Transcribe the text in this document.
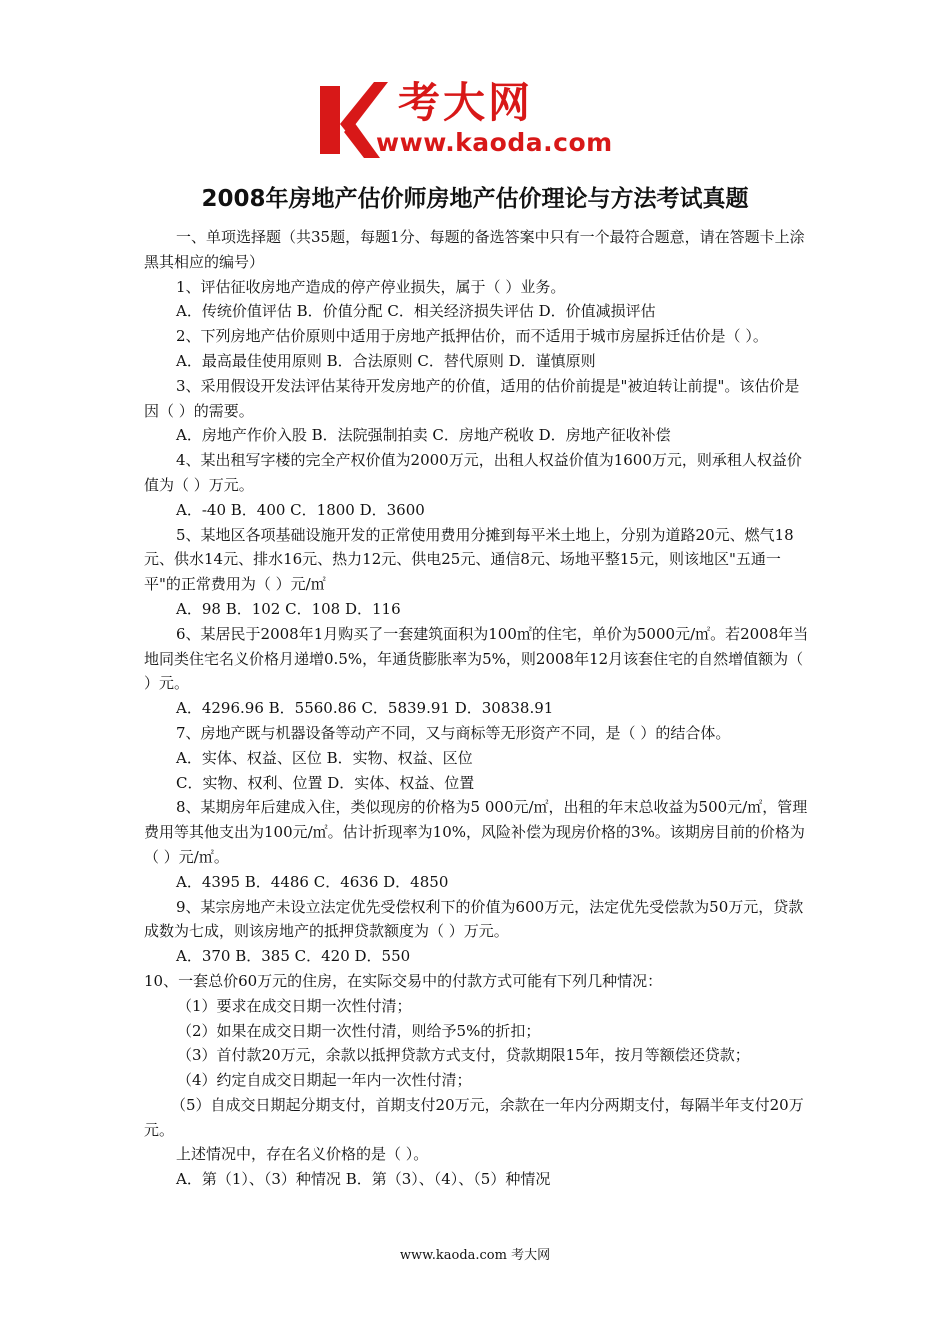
考大网
www.kaoda.com
2008年房地产估价师房地产估价理论与方法考试真题

一、单项选择题（共35题，每题1分、每题的备选答案中只有一个最符合题意，请在答题卡上涂黑其相应的编号）

1、评估征收房地产造成的停产停业损失，属于（ ）业务。

A．传统价值评估 B．价值分配 C．相关经济损失评估 D．价值减损评估

2、下列房地产估价原则中适用于房地产抵押估价，而不适用于城市房屋拆迁估价是（ ）。

A．最高最佳使用原则 B．合法原则 C．替代原则 D．谨慎原则

3、采用假设开发法评估某待开发房地产的价值，适用的估价前提是"被迫转让前提"。该估价是因（ ）的需要。

A．房地产作价入股 B．法院强制拍卖 C．房地产税收 D．房地产征收补偿

4、某出租写字楼的完全产权价值为2000万元，出租人权益价值为1600万元，则承租人权益价值为（ ）万元。

A．-40 B．400 C．1800 D．3600

5、某地区各项基础设施开发的正常使用费用分摊到每平米土地上，分别为道路20元、燃气18元、供水14元、排水16元、热力12元、供电25元、通信8元、场地平整15元，则该地区"五通一平"的正常费用为（ ）元/㎡

A．98 B．102 C．108 D．116

6、某居民于2008年1月购买了一套建筑面积为100㎡的住宅，单价为5000元/㎡。若2008年当地同类住宅名义价格月递增0.5%，年通货膨胀率为5%，则2008年12月该套住宅的自然增值额为（ ）元。

A．4296.96 B．5560.86 C．5839.91 D．30838.91

7、房地产既与机器设备等动产不同，又与商标等无形资产不同，是（ ）的结合体。

A．实体、权益、区位 B．实物、权益、区位

C．实物、权利、位置 D．实体、权益、位置

8、某期房年后建成入住，类似现房的价格为5 000元/㎡，出租的年末总收益为500元/㎡，管理费用等其他支出为100元/㎡。估计折现率为10%，风险补偿为现房价格的3%。该期房目前的价格为（ ）元/㎡。

A．4395 B．4486 C．4636 D．4850

9、某宗房地产未设立法定优先受偿权利下的价值为600万元，法定优先受偿款为50万元，贷款成数为七成，则该房地产的抵押贷款额度为（ ）万元。

A．370 B．385 C．420 D．550

10、一套总价60万元的住房，在实际交易中的付款方式可能有下列几种情况：

（1）要求在成交日期一次性付清；

（2）如果在成交日期一次性付清，则给予5%的折扣；

（3）首付款20万元，余款以抵押贷款方式支付，贷款期限15年，按月等额偿还贷款；

（4）约定自成交日期起一年内一次性付清；

（5）自成交日期起分期支付，首期支付20万元，余款在一年内分两期支付，每隔半年支付20万元。

上述情况中，存在名义价格的是（ ）。

A．第（1）、（3）种情况 B．第（3）、（4）、（5）种情况

www.kaoda.com 考大网
